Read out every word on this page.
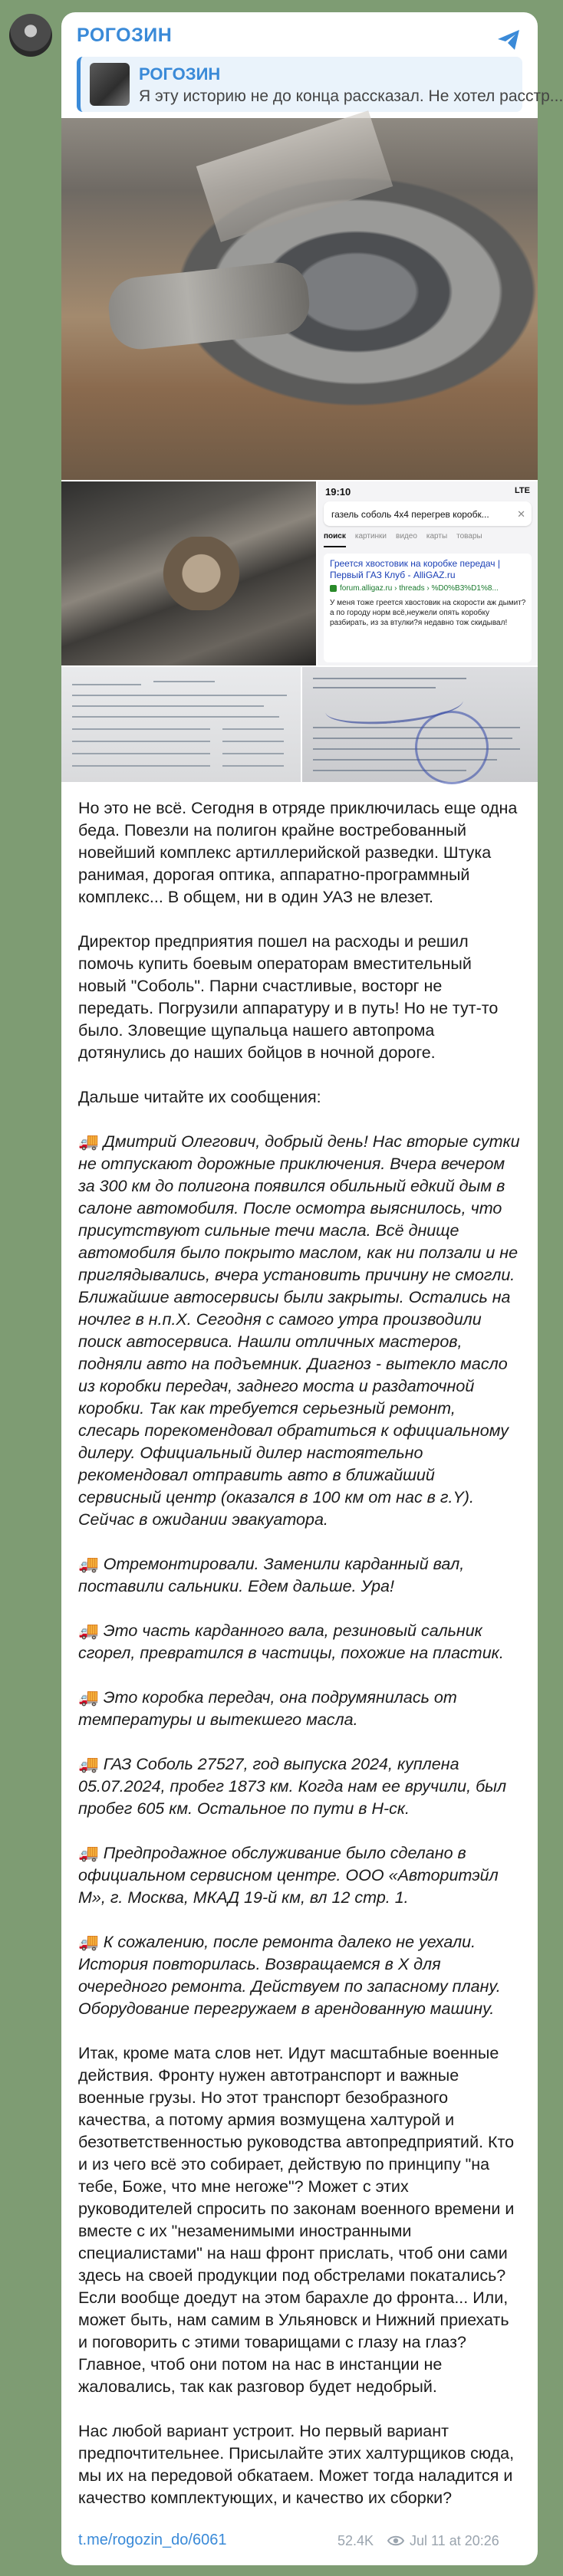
РОГОЗИН
РОГОЗИН
Я эту историю не до конца рассказал. Не хотел расстр...
19:10	LTE
газель соболь 4х4 перегрев коробк...	✕
поиск картинки видео карты товары
Греется хвостовик на коробке передач | Первый ГАЗ Клуб - AlliGAZ.ru
forum.alligaz.ru › threads › %D0%B3%D1%8...
У меня тоже греется хвостовик на скорости аж дымит?а по городу норм всё,неужели опять коробку разбирать, из за втулки?я недавно тож скидывал!

Но это не всё. Сегодня в отряде приключилась еще одна беда. Повезли на полигон крайне востребованный новейший комплекс артиллерийской разведки. Штука ранимая, дорогая оптика, аппаратно-программный комплекс... В общем, ни в один УАЗ не влезет.

Директор предприятия пошел на расходы и решил помочь купить боевым операторам вместительный новый "Соболь". Парни счастливые, восторг не передать. Погрузили аппаратуру и в путь! Но не тут-то было. Зловещие щупальца нашего автопрома дотянулись до наших бойцов в ночной дороге.

Дальше читайте их сообщения:

🚚 Дмитрий Олегович, добрый день! Нас вторые сутки не отпускают дорожные приключения. Вчера вечером за 300 км до полигона появился обильный едкий дым в салоне автомобиля. После осмотра выяснилось, что присутствуют сильные течи масла. Всё днище автомобиля было покрыто маслом, как ни ползали и не приглядывались, вчера установить причину не смогли. Ближайшие автосервисы были закрыты. Остались на ночлег в н.п.Х. Сегодня с самого утра производили поиск автосервиса. Нашли отличных мастеров, подняли авто на подъемник. Диагноз - вытекло масло из коробки передач, заднего моста и раздаточной коробки. Так как требуется серьезный ремонт, слесарь порекомендовал обратиться к официальному дилеру. Официальный дилер настоятельно рекомендовал отправить авто в ближайший сервисный центр (оказался в 100 км от нас в г.Y). Сейчас в ожидании эвакуатора.

🚚 Отремонтировали. Заменили карданный вал, поставили сальники. Едем дальше. Ура!

🚚 Это часть карданного вала, резиновый сальник сгорел, превратился в частицы, похожие на пластик.

🚚 Это коробка передач, она подрумянилась от температуры и вытекшего масла.

🚚 ГАЗ Соболь 27527, год выпуска 2024, куплена 05.07.2024, пробег 1873 км. Когда нам ее вручили, был пробег 605 км. Остальное по пути в Н-ск.

🚚 Предпродажное обслуживание было сделано в официальном сервисном центре. ООО «Авторитэйл М», г. Москва, МКАД 19-й км, вл 12 стр. 1.

🚚 К сожалению, после ремонта далеко не уехали. История повторилась. Возвращаемся в Х для очередного ремонта. Действуем по запасному плану. Оборудование перегружаем в арендованную машину.

Итак, кроме мата слов нет. Идут масштабные военные действия. Фронту нужен автотранспорт и важные военные грузы. Но этот транспорт безобразного качества, а потому армия возмущена халтурой и безответственностью руководства автопредприятий. Кто и из чего всё это собирает, действую по принципу "на тебе, Боже, что мне негоже"? Может с этих руководителей спросить по законам военного времени и вместе с их "незаменимыми иностранными специалистами" на наш фронт прислать, чтоб они сами здесь на своей продукции под обстрелами покатались? Если вообще доедут на этом барахле до фронта... Или, может быть, нам самим в Ульяновск и Нижний приехать и поговорить с этими товарищами с глазу на глаз? Главное, чтоб они потом на нас в инстанции не жаловались, так как разговор будет недобрый.

Нас любой вариант устроит. Но первый вариант предпочтительнее. Присылайте этих халтурщиков сюда, мы их на передовой обкатаем. Может тогда наладится и качество комплектующих, и качество их сборки?

t.me/rogozin_do/6061	52.4K	Jul 11 at 20:26
